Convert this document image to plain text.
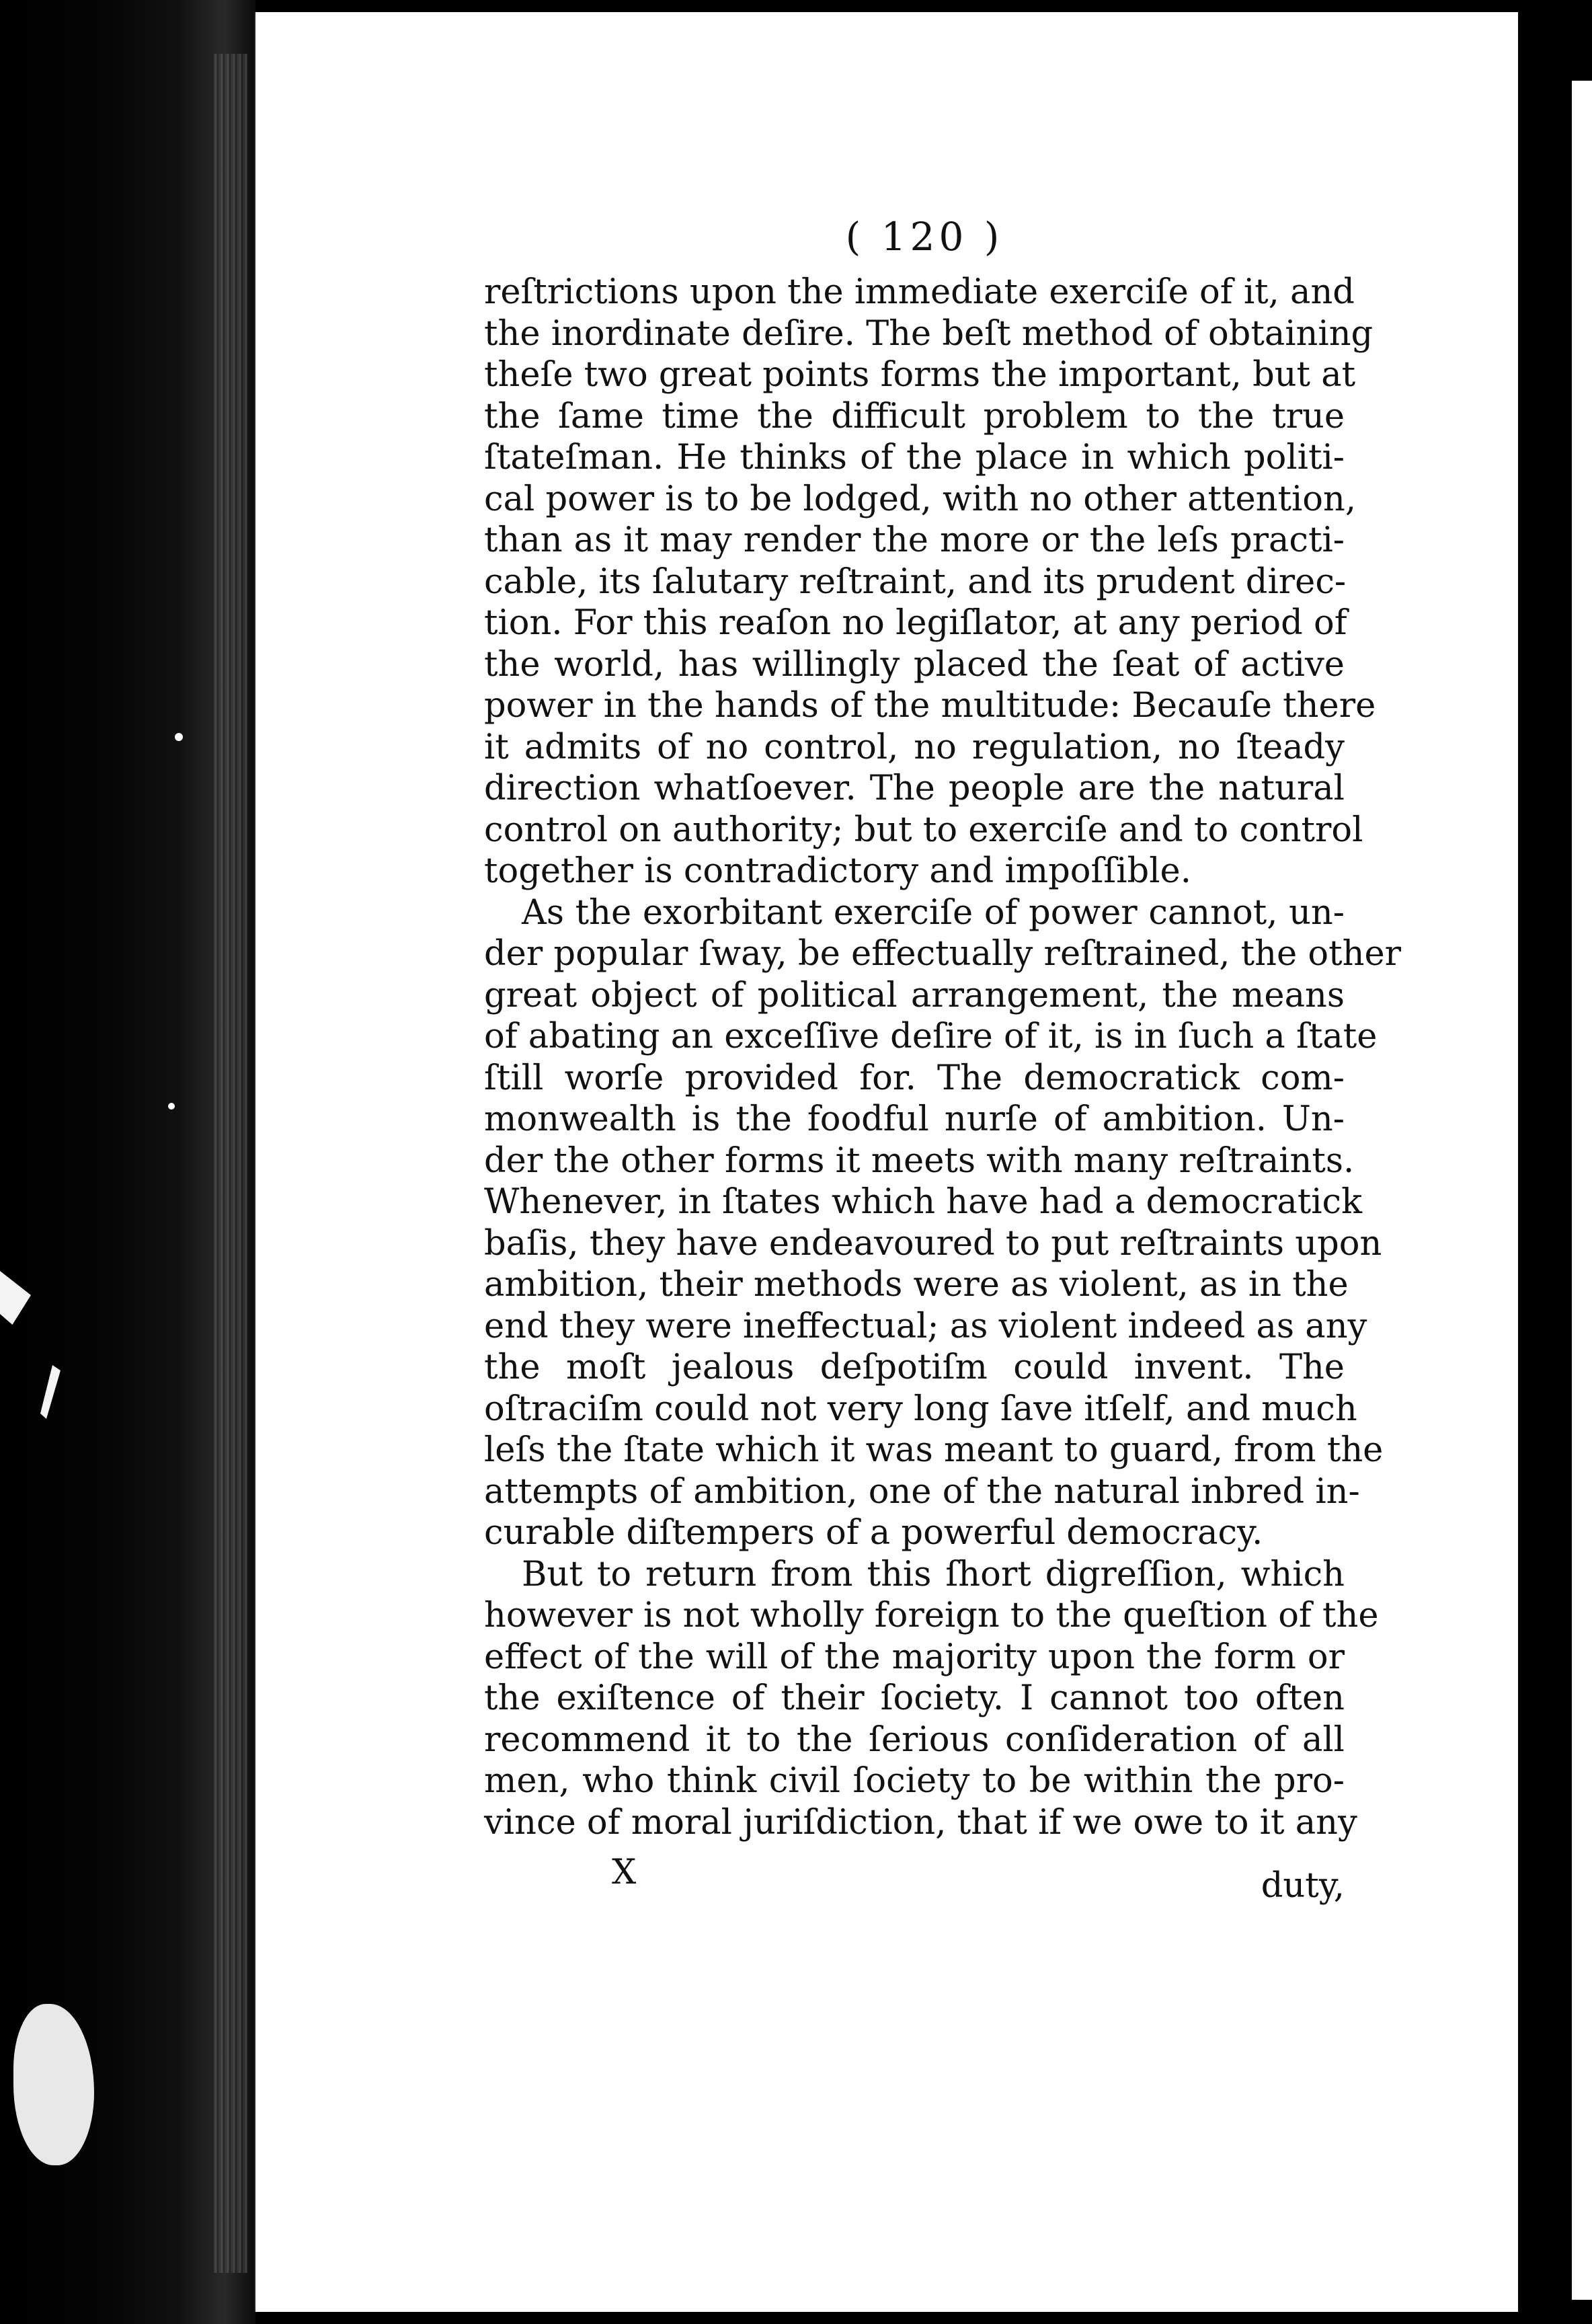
( 120 )
reſtrictions upon the immediate exerciſe of it, and
the inordinate deſire. The beſt method of obtaining
theſe two great points forms the important, but at
the ſame time the difficult problem to the true
ſtateſman. He thinks of the place in which politi-
cal power is to be lodged, with no other attention,
than as it may render the more or the leſs practi-
cable, its ſalutary reſtraint, and its prudent direc-
tion. For this reaſon no legiſlator, at any period of
the world, has willingly placed the ſeat of active
power in the hands of the multitude: Becauſe there
it admits of no control, no regulation, no ſteady
direction whatſoever. The people are the natural
control on authority; but to exerciſe and to control
together is contradictory and impoſſible.
As the exorbitant exerciſe of power cannot, un-
der popular ſway, be effectually reſtrained, the other
great object of political arrangement, the means
of abating an exceſſive deſire of it, is in ſuch a ſtate
ſtill worſe provided for. The democratick com-
monwealth is the foodful nurſe of ambition. Un-
der the other forms it meets with many reſtraints.
Whenever, in ſtates which have had a democratick
baſis, they have endeavoured to put reſtraints upon
ambition, their methods were as violent, as in the
end they were ineffectual; as violent indeed as any
the moſt jealous deſpotiſm could invent. The
oſtraciſm could not very long ſave itſelf, and much
leſs the ſtate which it was meant to guard, from the
attempts of ambition, one of the natural inbred in-
curable diſtempers of a powerful democracy.
But to return from this ſhort digreſſion, which
however is not wholly foreign to the queſtion of the
effect of the will of the majority upon the form or
the exiſtence of their ſociety. I cannot too often
recommend it to the ſerious conſideration of all
men, who think civil ſociety to be within the pro-
vince of moral juriſdiction, that if we owe to it any
X	duty,
